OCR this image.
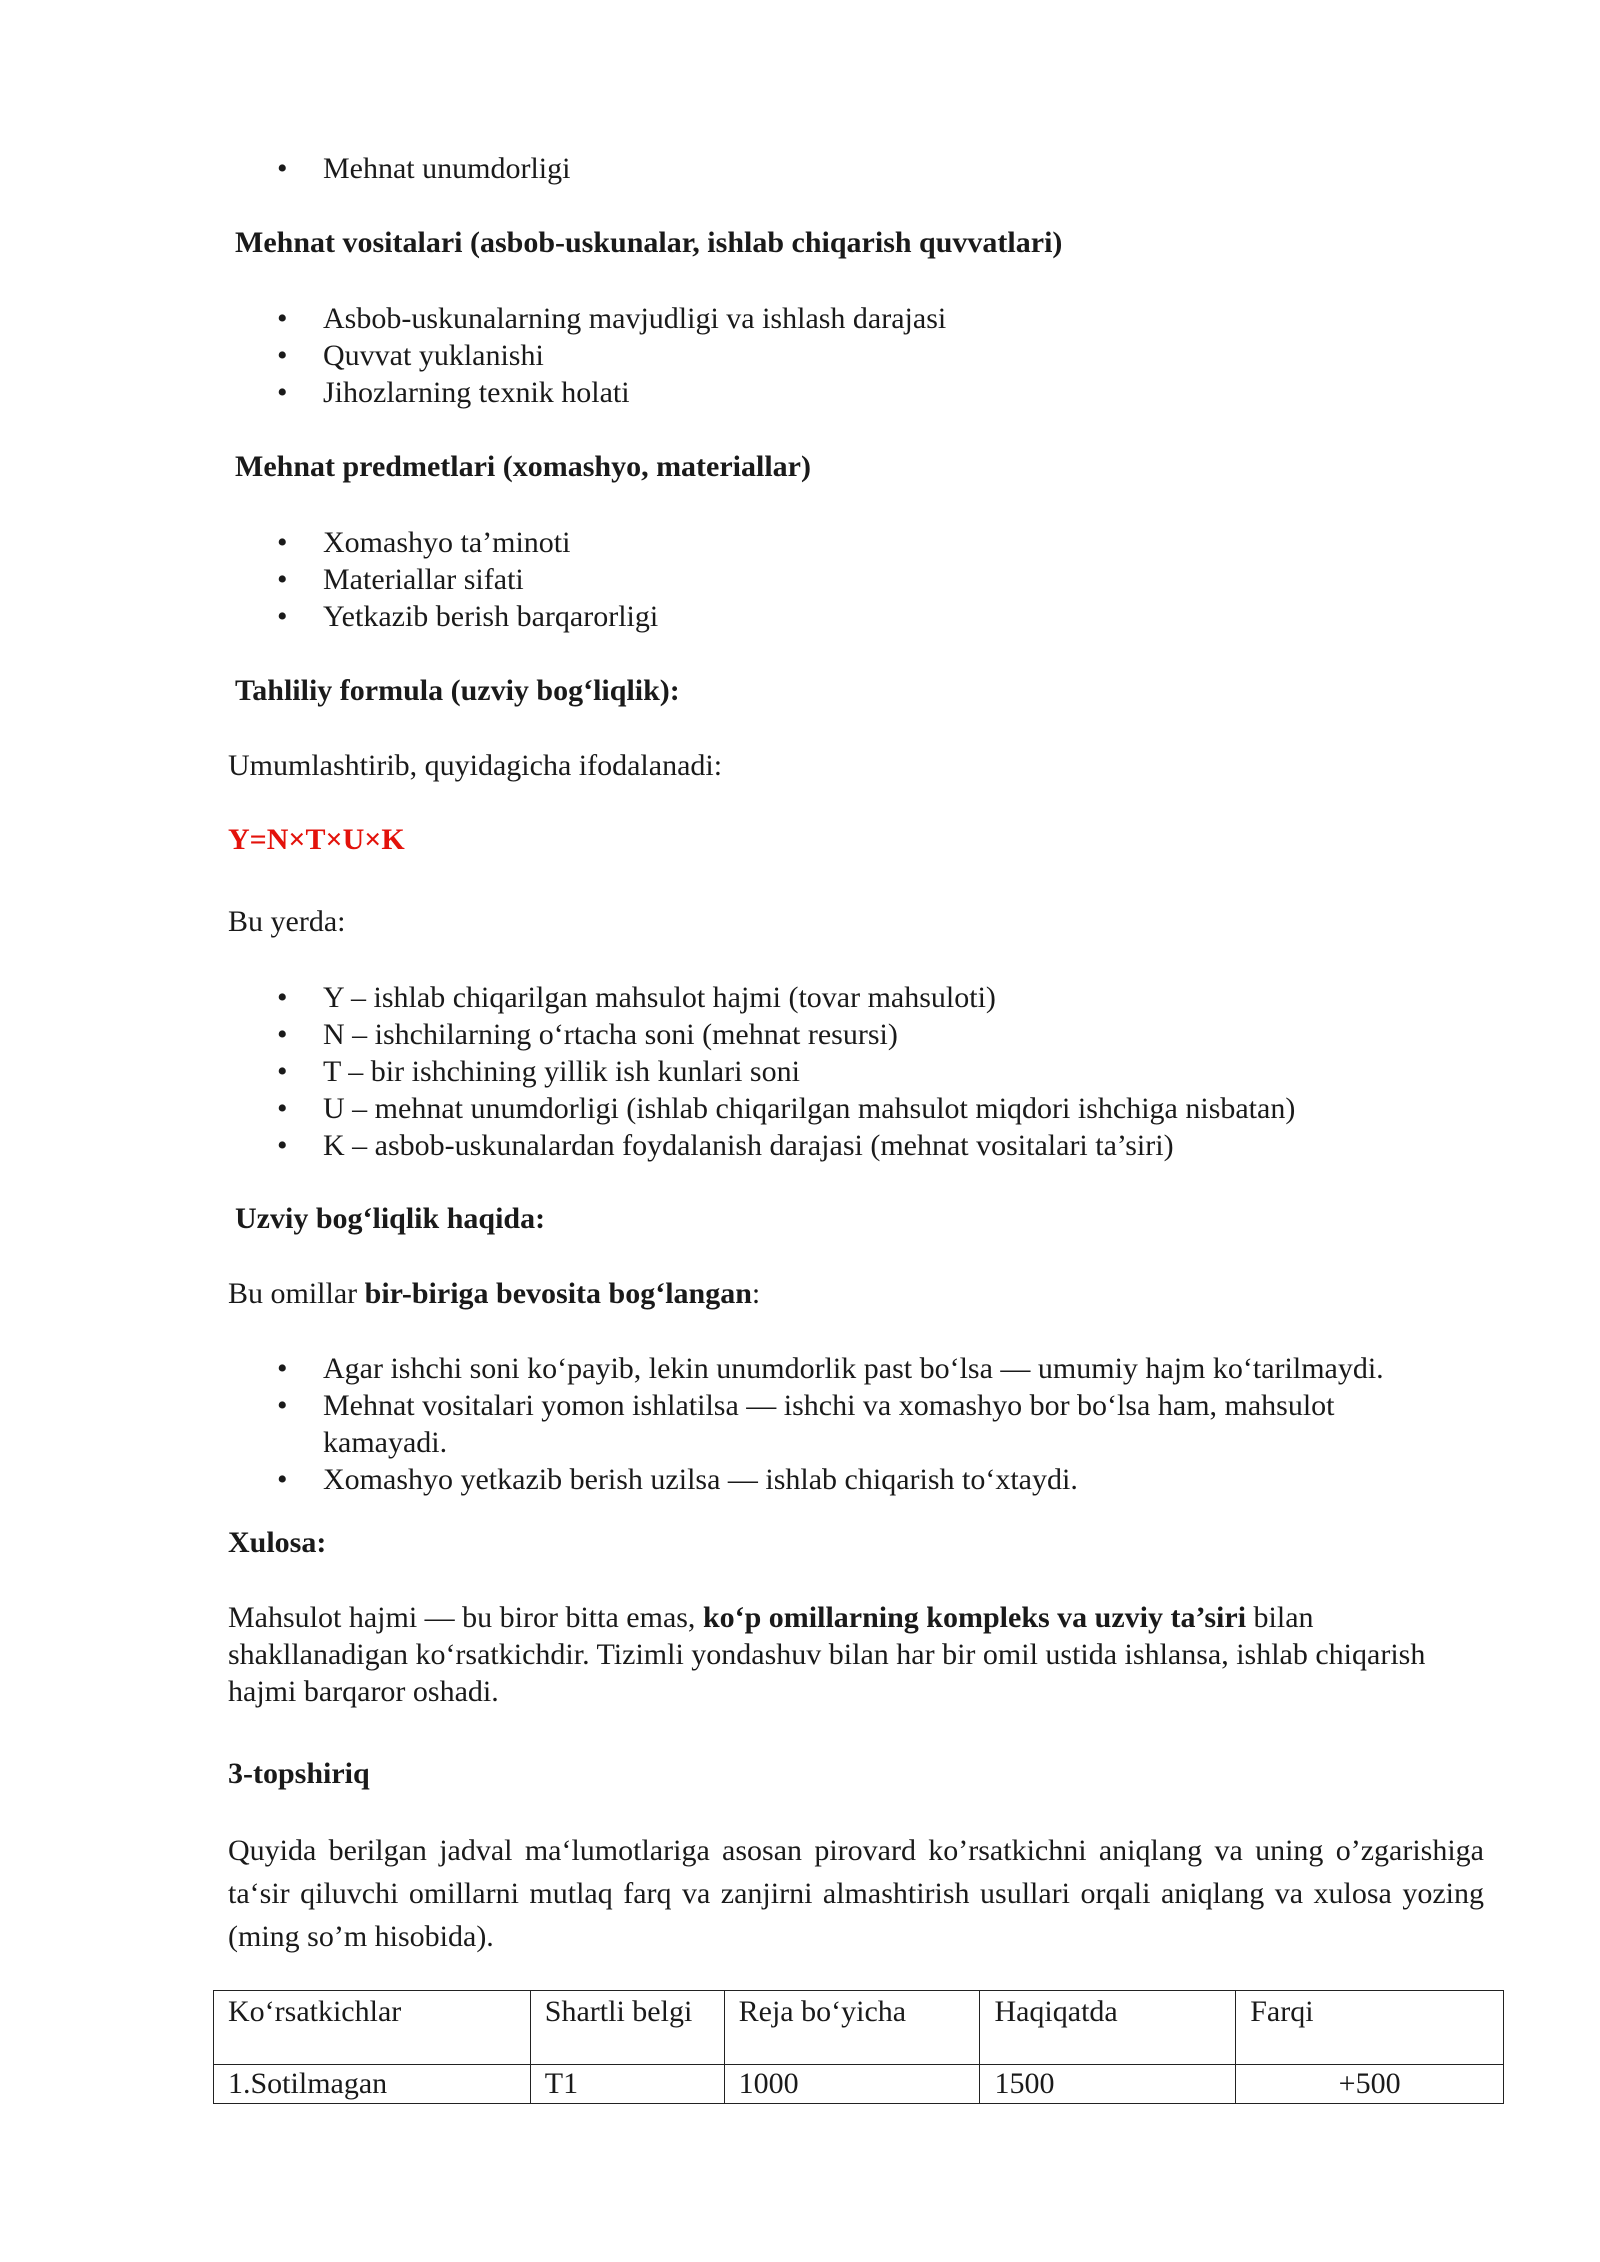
• Mehnat unumdorligi
Mehnat vositalari (asbob-uskunalar, ishlab chiqarish quvvatlari)
• Asbob-uskunalarning mavjudligi va ishlash darajasi
• Quvvat yuklanishi
• Jihozlarning texnik holati
Mehnat predmetlari (xomashyo, materiallar)
• Xomashyo ta’minoti
• Materiallar sifati
• Yetkazib berish barqarorligi
Tahliliy formula (uzviy bog‘liqlik):
Umumlashtirib, quyidagicha ifodalanadi:
Y=N×T×U×K
Bu yerda:
• Y – ishlab chiqarilgan mahsulot hajmi (tovar mahsuloti)
• N – ishchilarning o‘rtacha soni (mehnat resursi)
• T – bir ishchining yillik ish kunlari soni
• U – mehnat unumdorligi (ishlab chiqarilgan mahsulot miqdori ishchiga nisbatan)
• K – asbob-uskunalardan foydalanish darajasi (mehnat vositalari ta’siri)
Uzviy bog‘liqlik haqida:
Bu omillar bir-biriga bevosita bog‘langan:
• Agar ishchi soni ko‘payib, lekin unumdorlik past bo‘lsa — umumiy hajm ko‘tarilmaydi.
• Mehnat vositalari yomon ishlatilsa — ishchi va xomashyo bor bo‘lsa ham, mahsulot
kamayadi.
• Xomashyo yetkazib berish uzilsa — ishlab chiqarish to‘xtaydi.
Xulosa:
Mahsulot hajmi — bu biror bitta emas, ko‘p omillarning kompleks va uzviy ta’siri bilan shakllanadigan ko‘rsatkichdir. Tizimli yondashuv bilan har bir omil ustida ishlansa, ishlab chiqarish hajmi barqaror oshadi.
3-topshiriq
Quyida berilgan jadval ma‘lumotlariga asosan pirovard ko’rsatkichni aniqlang va uning o’zgarishiga ta‘sir qiluvchi omillarni mutlaq farq va zanjirni almashtirish usullari orqali aniqlang va xulosa yozing (ming so’m hisobida).
Ko‘rsatkichlar	Shartli belgi	Reja bo‘yicha	Haqiqatda	Farqi
1.Sotilmagan	T1	1000	1500	+500
